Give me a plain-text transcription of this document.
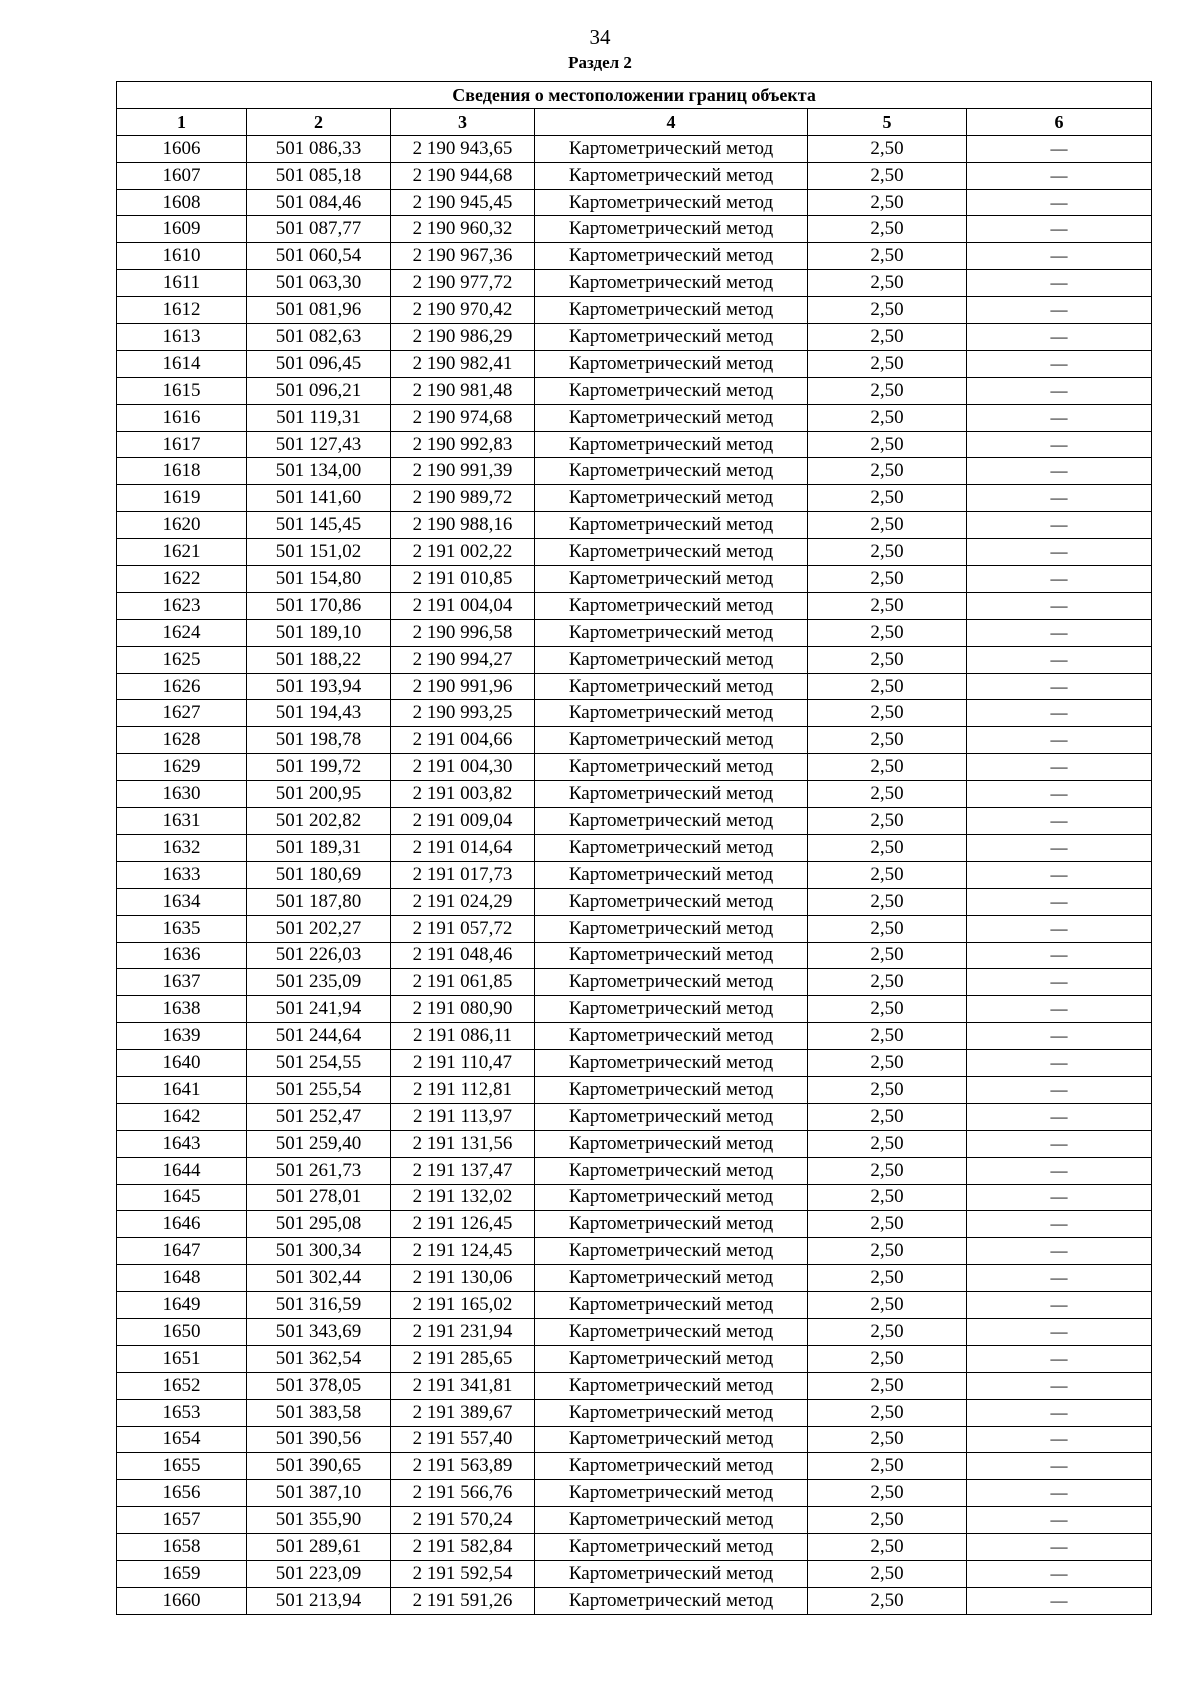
34
Раздел 2
Сведения о местоположении границ объекта					
1	2	3	4	5	6
1606	501 086,33	2 190 943,65	Картометрический метод	2,50	—
1607	501 085,18	2 190 944,68	Картометрический метод	2,50	—
1608	501 084,46	2 190 945,45	Картометрический метод	2,50	—
1609	501 087,77	2 190 960,32	Картометрический метод	2,50	—
1610	501 060,54	2 190 967,36	Картометрический метод	2,50	—
1611	501 063,30	2 190 977,72	Картометрический метод	2,50	—
1612	501 081,96	2 190 970,42	Картометрический метод	2,50	—
1613	501 082,63	2 190 986,29	Картометрический метод	2,50	—
1614	501 096,45	2 190 982,41	Картометрический метод	2,50	—
1615	501 096,21	2 190 981,48	Картометрический метод	2,50	—
1616	501 119,31	2 190 974,68	Картометрический метод	2,50	—
1617	501 127,43	2 190 992,83	Картометрический метод	2,50	—
1618	501 134,00	2 190 991,39	Картометрический метод	2,50	—
1619	501 141,60	2 190 989,72	Картометрический метод	2,50	—
1620	501 145,45	2 190 988,16	Картометрический метод	2,50	—
1621	501 151,02	2 191 002,22	Картометрический метод	2,50	—
1622	501 154,80	2 191 010,85	Картометрический метод	2,50	—
1623	501 170,86	2 191 004,04	Картометрический метод	2,50	—
1624	501 189,10	2 190 996,58	Картометрический метод	2,50	—
1625	501 188,22	2 190 994,27	Картометрический метод	2,50	—
1626	501 193,94	2 190 991,96	Картометрический метод	2,50	—
1627	501 194,43	2 190 993,25	Картометрический метод	2,50	—
1628	501 198,78	2 191 004,66	Картометрический метод	2,50	—
1629	501 199,72	2 191 004,30	Картометрический метод	2,50	—
1630	501 200,95	2 191 003,82	Картометрический метод	2,50	—
1631	501 202,82	2 191 009,04	Картометрический метод	2,50	—
1632	501 189,31	2 191 014,64	Картометрический метод	2,50	—
1633	501 180,69	2 191 017,73	Картометрический метод	2,50	—
1634	501 187,80	2 191 024,29	Картометрический метод	2,50	—
1635	501 202,27	2 191 057,72	Картометрический метод	2,50	—
1636	501 226,03	2 191 048,46	Картометрический метод	2,50	—
1637	501 235,09	2 191 061,85	Картометрический метод	2,50	—
1638	501 241,94	2 191 080,90	Картометрический метод	2,50	—
1639	501 244,64	2 191 086,11	Картометрический метод	2,50	—
1640	501 254,55	2 191 110,47	Картометрический метод	2,50	—
1641	501 255,54	2 191 112,81	Картометрический метод	2,50	—
1642	501 252,47	2 191 113,97	Картометрический метод	2,50	—
1643	501 259,40	2 191 131,56	Картометрический метод	2,50	—
1644	501 261,73	2 191 137,47	Картометрический метод	2,50	—
1645	501 278,01	2 191 132,02	Картометрический метод	2,50	—
1646	501 295,08	2 191 126,45	Картометрический метод	2,50	—
1647	501 300,34	2 191 124,45	Картометрический метод	2,50	—
1648	501 302,44	2 191 130,06	Картометрический метод	2,50	—
1649	501 316,59	2 191 165,02	Картометрический метод	2,50	—
1650	501 343,69	2 191 231,94	Картометрический метод	2,50	—
1651	501 362,54	2 191 285,65	Картометрический метод	2,50	—
1652	501 378,05	2 191 341,81	Картометрический метод	2,50	—
1653	501 383,58	2 191 389,67	Картометрический метод	2,50	—
1654	501 390,56	2 191 557,40	Картометрический метод	2,50	—
1655	501 390,65	2 191 563,89	Картометрический метод	2,50	—
1656	501 387,10	2 191 566,76	Картометрический метод	2,50	—
1657	501 355,90	2 191 570,24	Картометрический метод	2,50	—
1658	501 289,61	2 191 582,84	Картометрический метод	2,50	—
1659	501 223,09	2 191 592,54	Картометрический метод	2,50	—
1660	501 213,94	2 191 591,26	Картометрический метод	2,50	—
